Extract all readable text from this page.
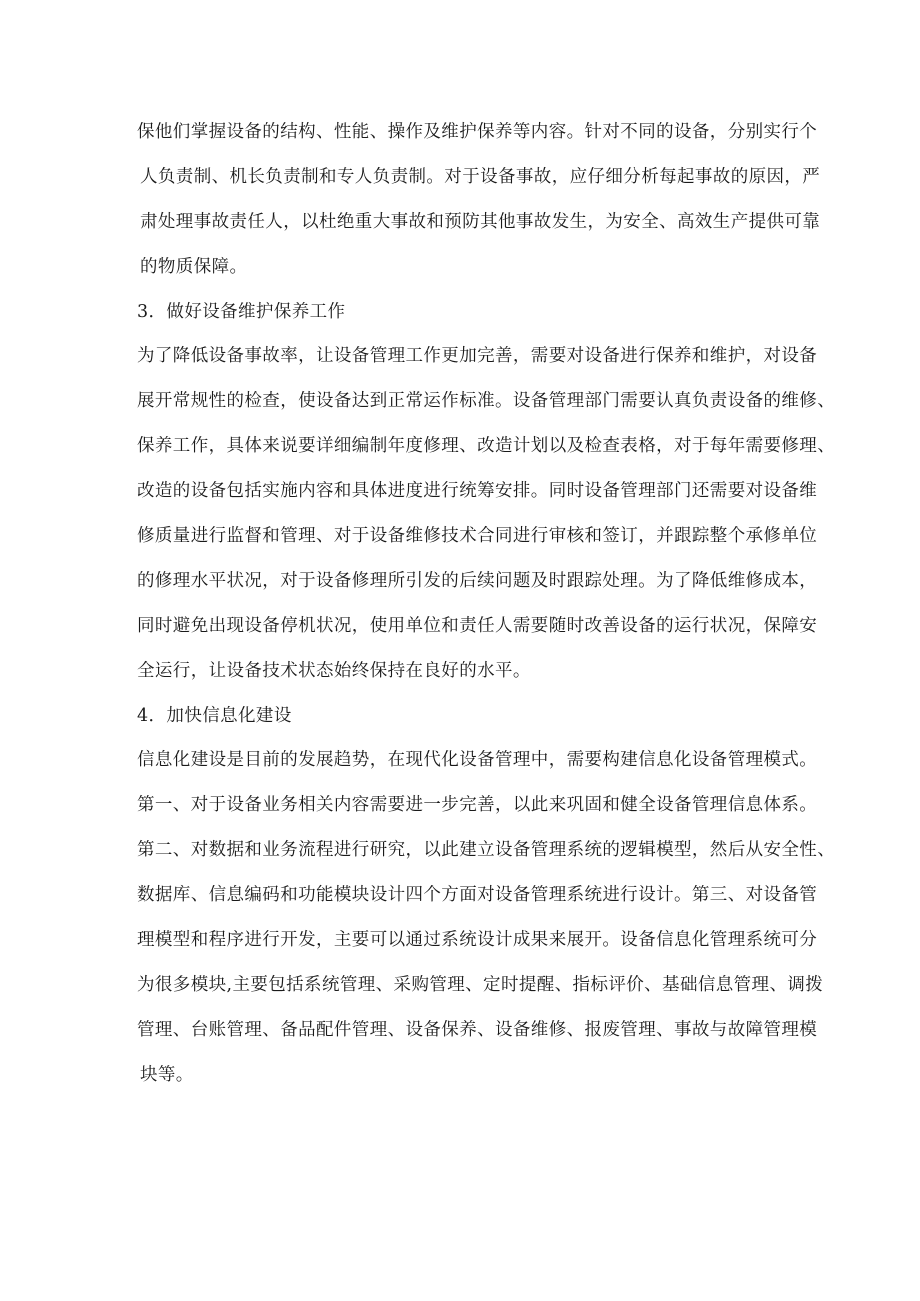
保他们掌握设备的结构、性能、操作及维护保养等内容。针对不同的设备，分别实行个
人负责制、机长负责制和专人负责制。对于设备事故，应仔细分析每起事故的原因，严
肃处理事故责任人，以杜绝重大事故和预防其他事故发生，为安全、高效生产提供可靠
的物质保障。
3．做好设备维护保养工作
为了降低设备事故率，让设备管理工作更加完善，需要对设备进行保养和维护，对设备
展开常规性的检查，使设备达到正常运作标准。设备管理部门需要认真负责设备的维修、
保养工作，具体来说要详细编制年度修理、改造计划以及检查表格，对于每年需要修理、
改造的设备包括实施内容和具体进度进行统筹安排。同时设备管理部门还需要对设备维
修质量进行监督和管理、对于设备维修技术合同进行审核和签订，并跟踪整个承修单位
的修理水平状况，对于设备修理所引发的后续问题及时跟踪处理。为了降低维修成本，
同时避免出现设备停机状况，使用单位和责任人需要随时改善设备的运行状况，保障安
全运行，让设备技术状态始终保持在良好的水平。
4．加快信息化建设
信息化建设是目前的发展趋势，在现代化设备管理中，需要构建信息化设备管理模式。
第一、对于设备业务相关内容需要进一步完善，以此来巩固和健全设备管理信息体系。
第二、对数据和业务流程进行研究，以此建立设备管理系统的逻辑模型，然后从安全性、
数据库、信息编码和功能模块设计四个方面对设备管理系统进行设计。第三、对设备管
理模型和程序进行开发，主要可以通过系统设计成果来展开。设备信息化管理系统可分
为很多模块,主要包括系统管理、采购管理、定时提醒、指标评价、基础信息管理、调拨
管理、台账管理、备品配件管理、设备保养、设备维修、报废管理、事故与故障管理模
块等。
